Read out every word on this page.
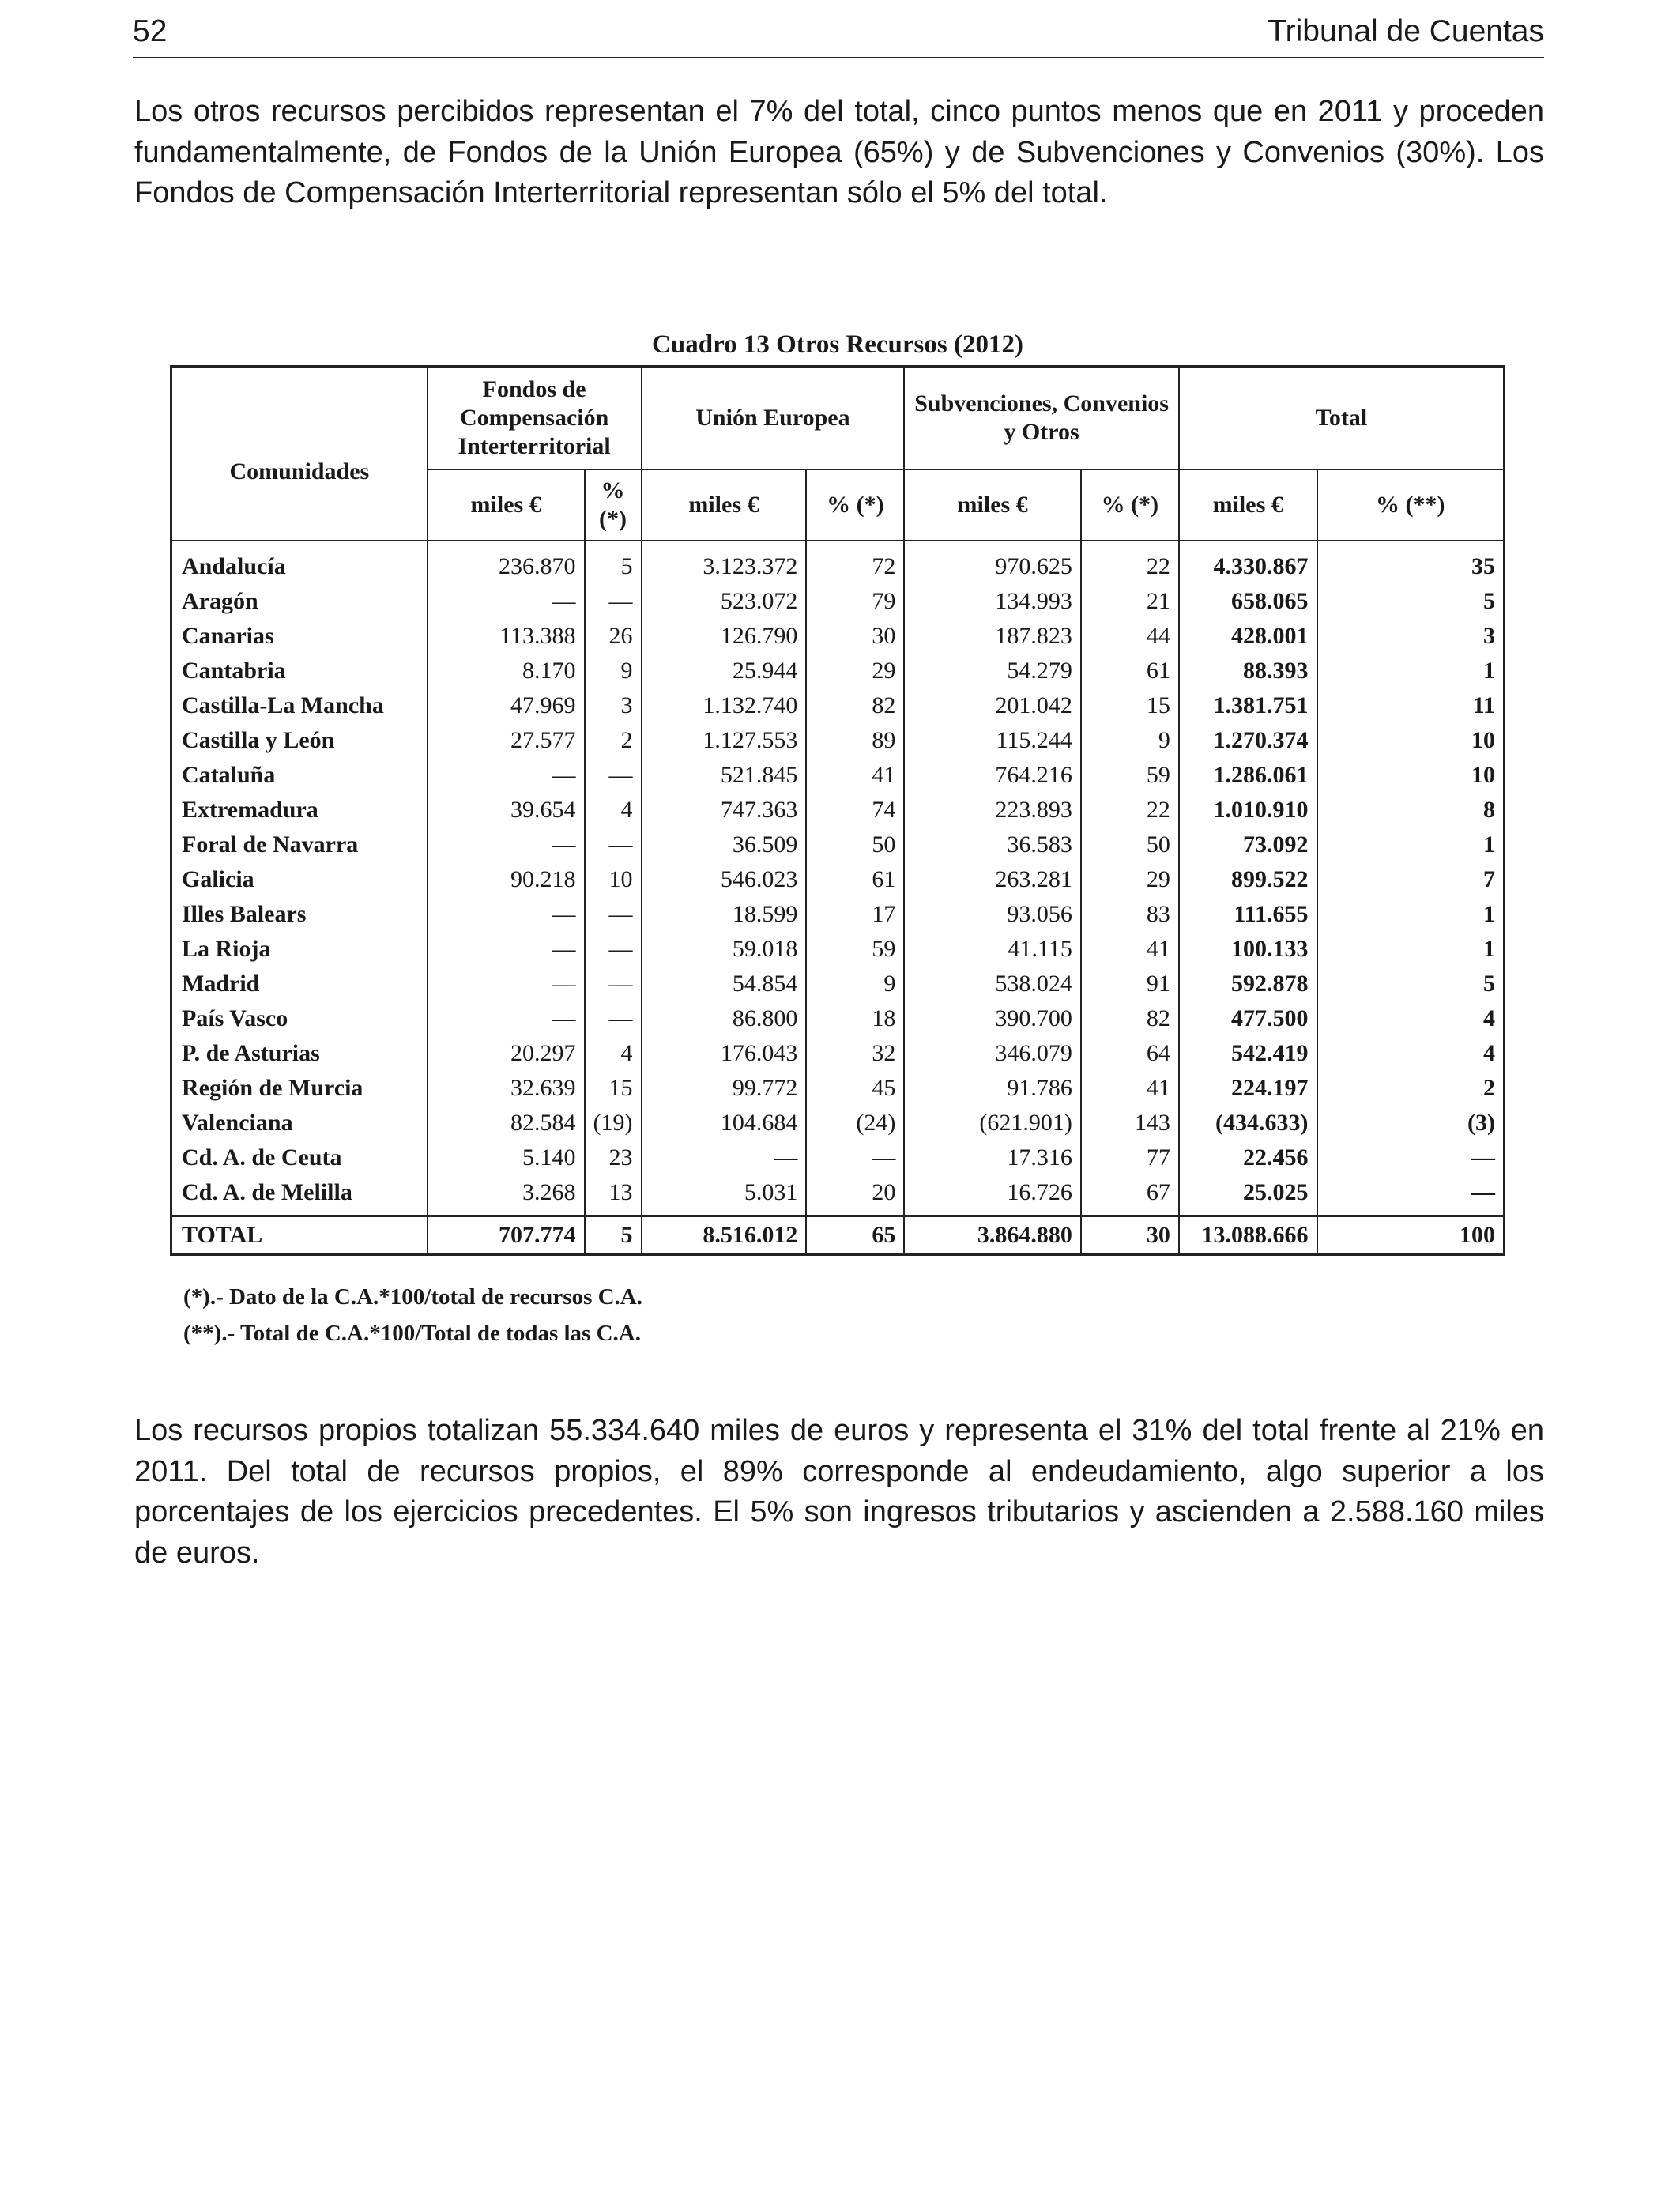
52	Tribunal de Cuentas

Los otros recursos percibidos representan el 7% del total, cinco puntos menos que en 2011 y proceden fundamentalmente, de Fondos de la Unión Europea (65%) y de Subvenciones y Convenios (30%). Los Fondos de Compensación Interterritorial representan sólo el 5% del total.

Cuadro 13 Otros Recursos (2012)
Comunidades	Fondos de Compensación Interterritorial		Unión Europea		Subvenciones, Convenios y Otros		Total	
	miles €	% (*)	miles €	% (*)	miles €	% (*)	miles €	% (**)
Andalucía	236.870	5	3.123.372	72	970.625	22	4.330.867	35
Aragón	—	—	523.072	79	134.993	21	658.065	5
Canarias	113.388	26	126.790	30	187.823	44	428.001	3
Cantabria	8.170	9	25.944	29	54.279	61	88.393	1
Castilla-La Mancha	47.969	3	1.132.740	82	201.042	15	1.381.751	11
Castilla y León	27.577	2	1.127.553	89	115.244	9	1.270.374	10
Cataluña	—	—	521.845	41	764.216	59	1.286.061	10
Extremadura	39.654	4	747.363	74	223.893	22	1.010.910	8
Foral de Navarra	—	—	36.509	50	36.583	50	73.092	1
Galicia	90.218	10	546.023	61	263.281	29	899.522	7
Illes Balears	—	—	18.599	17	93.056	83	111.655	1
La Rioja	—	—	59.018	59	41.115	41	100.133	1
Madrid	—	—	54.854	9	538.024	91	592.878	5
País Vasco	—	—	86.800	18	390.700	82	477.500	4
P. de Asturias	20.297	4	176.043	32	346.079	64	542.419	4
Región de Murcia	32.639	15	99.772	45	91.786	41	224.197	2
Valenciana	82.584	(19)	104.684	(24)	(621.901)	143	(434.633)	(3)
Cd. A. de Ceuta	5.140	23	—	—	17.316	77	22.456	—
Cd. A. de Melilla	3.268	13	5.031	20	16.726	67	25.025	—
TOTAL	707.774	5	8.516.012	65	3.864.880	30	13.088.666	100
(*).- Dato de la C.A.*100/total de recursos C.A.
(**).- Total de C.A.*100/Total de todas las C.A.

Los recursos propios totalizan 55.334.640 miles de euros y representa el 31% del total frente al 21% en 2011. Del total de recursos propios, el 89% corresponde al endeudamiento, algo superior a los porcentajes de los ejercicios precedentes. El 5% son ingresos tributarios y ascienden a 2.588.160 miles de euros.
